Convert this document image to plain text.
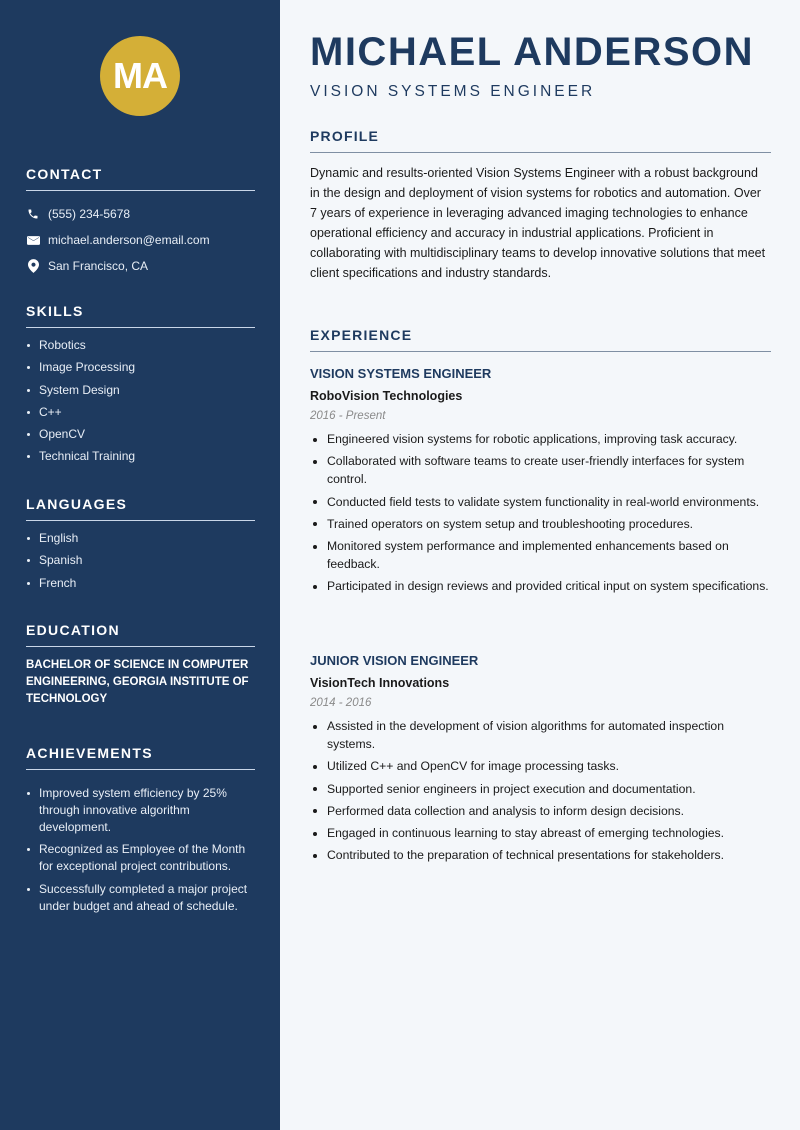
MA
CONTACT
(555) 234-5678
michael.anderson@email.com
San Francisco, CA
SKILLS
Robotics
Image Processing
System Design
C++
OpenCV
Technical Training
LANGUAGES
English
Spanish
French
EDUCATION

BACHELOR OF SCIENCE IN COMPUTER ENGINEERING, GEORGIA INSTITUTE OF TECHNOLOGY

ACHIEVEMENTS
Improved system efficiency by 25% through innovative algorithm development.
Recognized as Employee of the Month for exceptional project contributions.
Successfully completed a major project under budget and ahead of schedule.
MICHAEL ANDERSON
VISION SYSTEMS ENGINEER
PROFILE

Dynamic and results-oriented Vision Systems Engineer with a robust background in the design and deployment of vision systems for robotics and automation. Over 7 years of experience in leveraging advanced imaging technologies to enhance operational efficiency and accuracy in industrial applications. Proficient in collaborating with multidisciplinary teams to develop innovative solutions that meet client specifications and industry standards.

EXPERIENCE
VISION SYSTEMS ENGINEER
RoboVision Technologies
2016 - Present
Engineered vision systems for robotic applications, improving task accuracy.
Collaborated with software teams to create user-friendly interfaces for system control.
Conducted field tests to validate system functionality in real-world environments.
Trained operators on system setup and troubleshooting procedures.
Monitored system performance and implemented enhancements based on feedback.
Participated in design reviews and provided critical input on system specifications.
JUNIOR VISION ENGINEER
VisionTech Innovations
2014 - 2016
Assisted in the development of vision algorithms for automated inspection systems.
Utilized C++ and OpenCV for image processing tasks.
Supported senior engineers in project execution and documentation.
Performed data collection and analysis to inform design decisions.
Engaged in continuous learning to stay abreast of emerging technologies.
Contributed to the preparation of technical presentations for stakeholders.
